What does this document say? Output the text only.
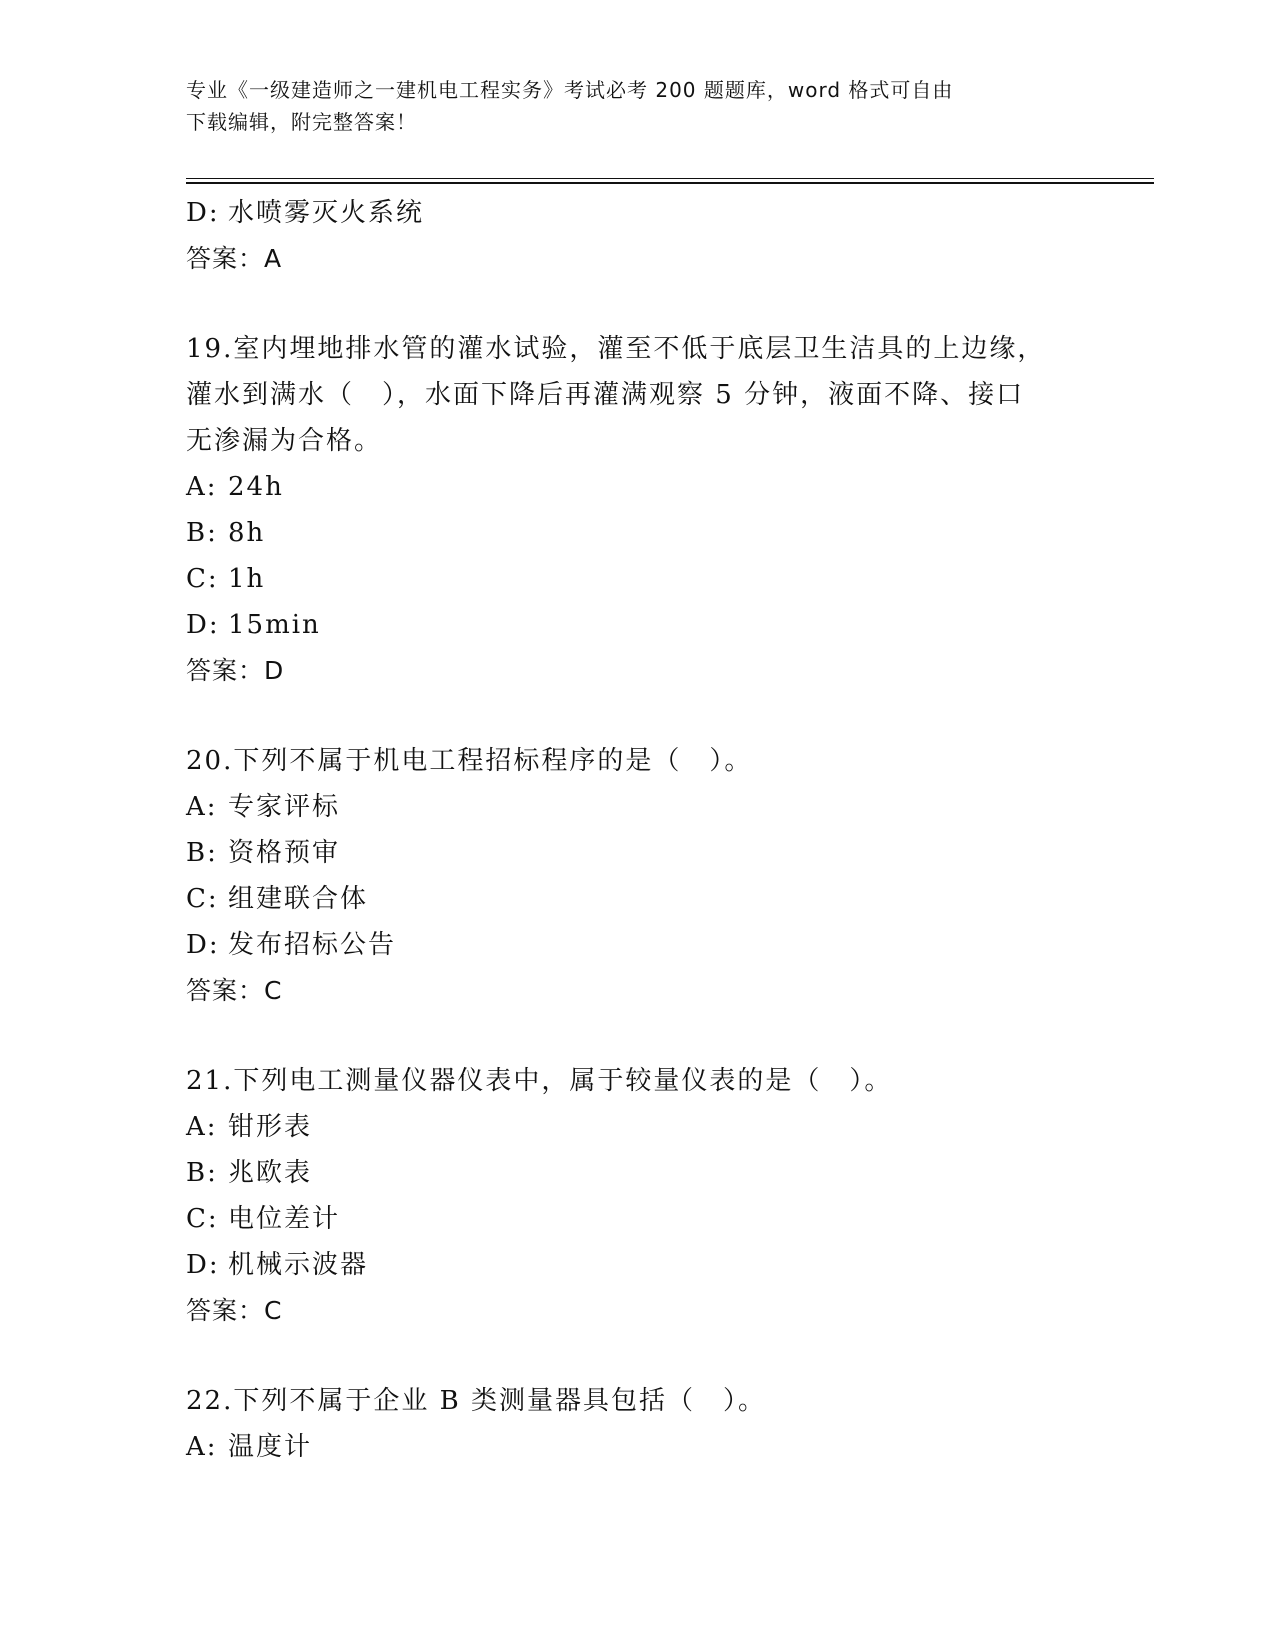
专业《一级建造师之一建机电工程实务》考试必考 200 题题库，word 格式可自由
下载编辑，附完整答案！
D: 水喷雾灭火系统
答案：A
19.室内埋地排水管的灌水试验，灌至不低于底层卫生洁具的上边缘，
灌水到满水（　），水面下降后再灌满观察 5 分钟，液面不降、接口
无渗漏为合格。
A: 24h
B: 8h
C: 1h
D: 15min
答案：D
20.下列不属于机电工程招标程序的是（　）。
A: 专家评标
B: 资格预审
C: 组建联合体
D: 发布招标公告
答案：C
21.下列电工测量仪器仪表中，属于较量仪表的是（　）。
A: 钳形表
B: 兆欧表
C: 电位差计
D: 机械示波器
答案：C
22.下列不属于企业 B 类测量器具包括（　）。
A: 温度计
